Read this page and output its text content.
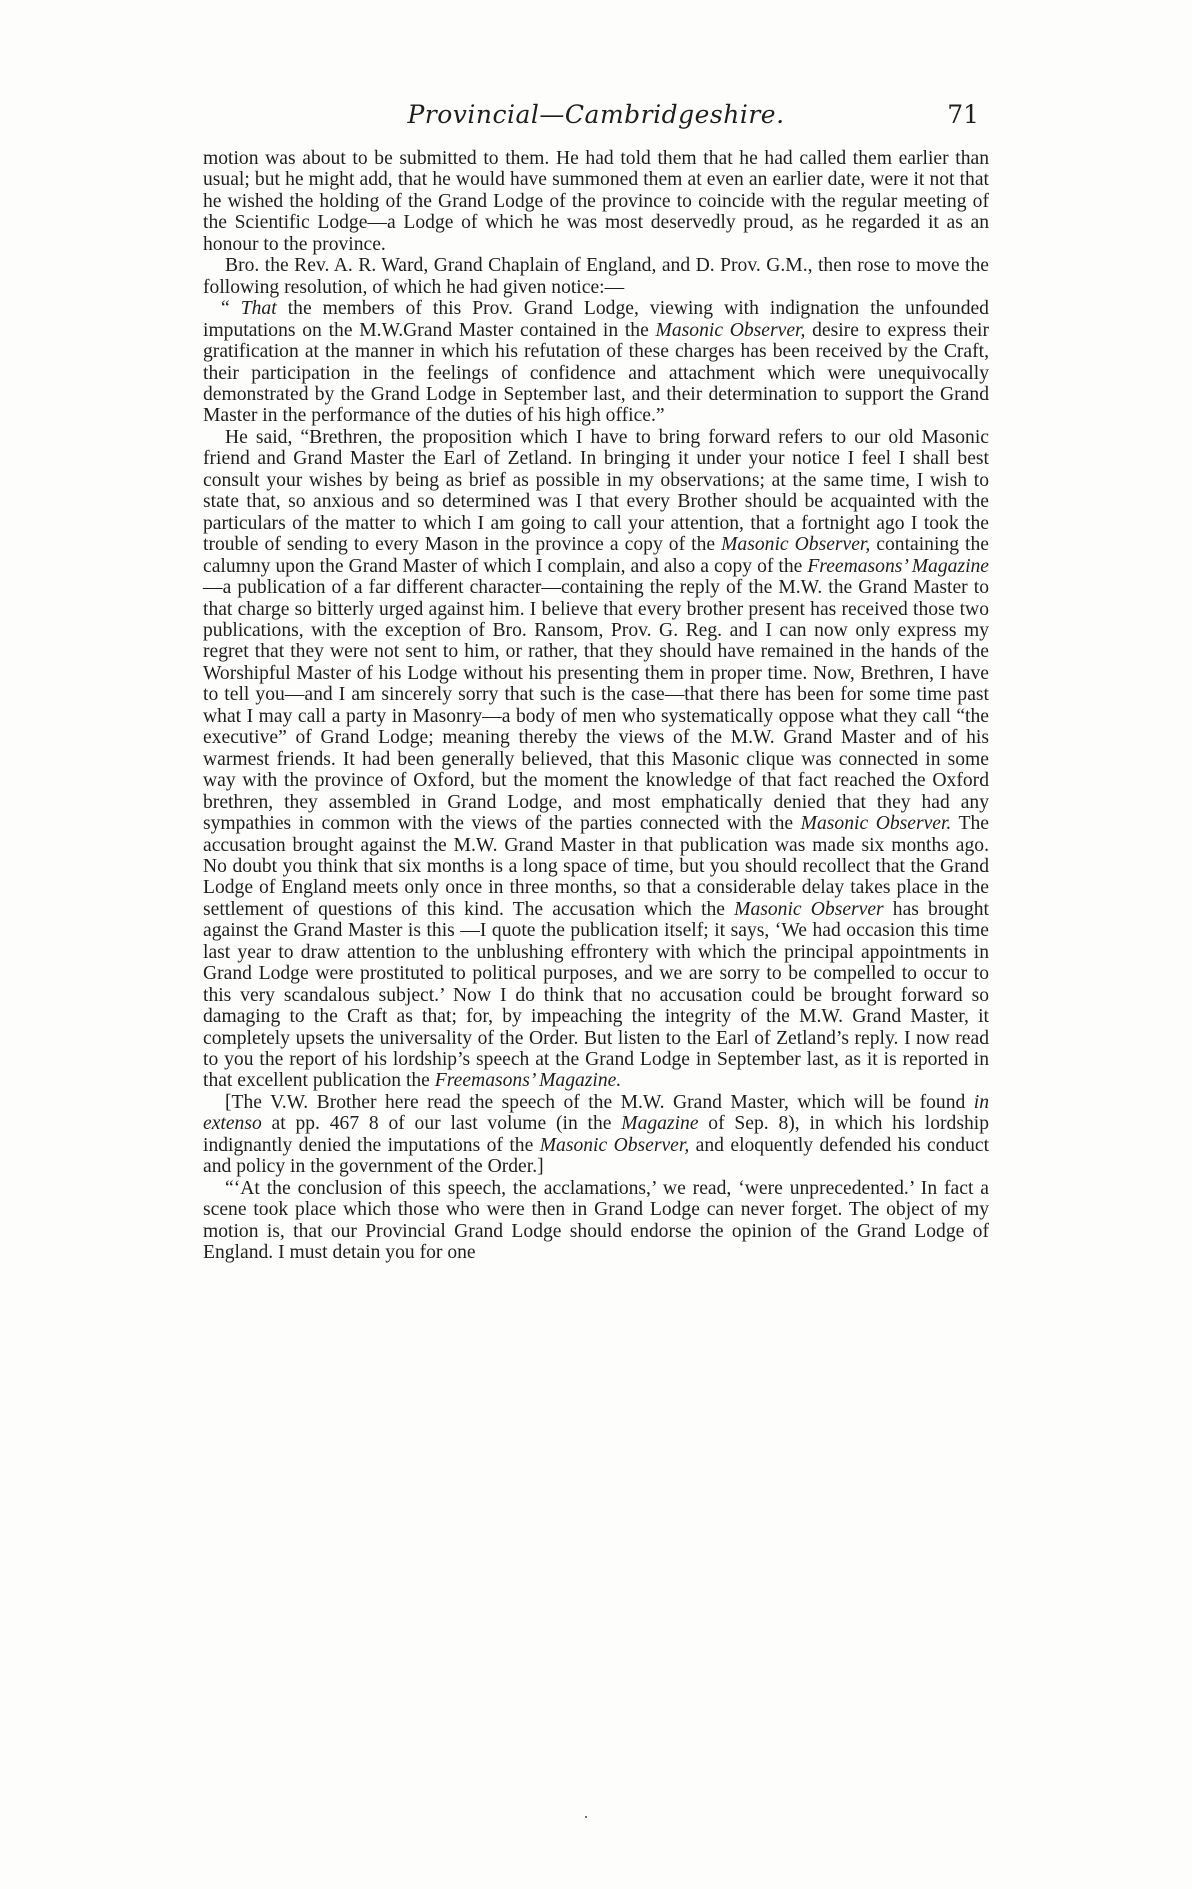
Provincial—Cambridgeshire.	71

motion was about to be submitted to them. He had told them that he had called them earlier than usual; but he might add, that he would have summoned them at even an earlier date, were it not that he wished the holding of the Grand Lodge of the province to coincide with the regular meeting of the Scientific Lodge—a Lodge of which he was most deservedly proud, as he regarded it as an honour to the province.

Bro. the Rev. A. R. Ward, Grand Chaplain of England, and D. Prov. G.M., then rose to move the following resolution, of which he had given notice:—

“ That the members of this Prov. Grand Lodge, viewing with indignation the unfounded imputations on the M.W.Grand Master contained in the Masonic Observer, desire to express their gratification at the manner in which his refutation of these charges has been received by the Craft, their participation in the feelings of confidence and attachment which were unequivocally demonstrated by the Grand Lodge in September last, and their determination to support the Grand Master in the performance of the duties of his high office.”

He said, “Brethren, the proposition which I have to bring forward refers to our old Masonic friend and Grand Master the Earl of Zetland. In bringing it under your notice I feel I shall best consult your wishes by being as brief as possible in my observations; at the same time, I wish to state that, so anxious and so determined was I that every Brother should be acquainted with the particulars of the matter to which I am going to call your attention, that a fortnight ago I took the trouble of sending to every Mason in the province a copy of the Masonic Observer, containing the calumny upon the Grand Master of which I complain, and also a copy of the Freemasons’ Magazine—a publication of a far different character—containing the reply of the M.W. the Grand Master to that charge so bitterly urged against him. I believe that every brother present has received those two publications, with the exception of Bro. Ransom, Prov. G. Reg. and I can now only express my regret that they were not sent to him, or rather, that they should have remained in the hands of the Worshipful Master of his Lodge without his presenting them in proper time. Now, Brethren, I have to tell you—and I am sincerely sorry that such is the case—that there has been for some time past what I may call a party in Masonry—a body of men who systematically oppose what they call “the executive” of Grand Lodge; meaning thereby the views of the M.W. Grand Master and of his warmest friends. It had been generally believed, that this Masonic clique was connected in some way with the province of Oxford, but the moment the knowledge of that fact reached the Oxford brethren, they assembled in Grand Lodge, and most emphatically denied that they had any sympathies in common with the views of the parties connected with the Masonic Observer. The accusation brought against the M.W. Grand Master in that publication was made six months ago. No doubt you think that six months is a long space of time, but you should recollect that the Grand Lodge of England meets only once in three months, so that a considerable delay takes place in the settlement of questions of this kind. The accusation which the Masonic Observer has brought against the Grand Master is this —I quote the publication itself; it says, ‘We had occasion this time last year to draw attention to the unblushing effrontery with which the principal appointments in Grand Lodge were prostituted to political purposes, and we are sorry to be compelled to occur to this very scandalous subject.’ Now I do think that no accusation could be brought forward so damaging to the Craft as that; for, by impeaching the integrity of the M.W. Grand Master, it completely upsets the universality of the Order. But listen to the Earl of Zetland’s reply. I now read to you the report of his lordship’s speech at the Grand Lodge in September last, as it is reported in that excellent publication the Freemasons’ Magazine.

[The V.W. Brother here read the speech of the M.W. Grand Master, which will be found in extenso at pp. 467 8 of our last volume (in the Magazine of Sep. 8), in which his lordship indignantly denied the imputations of the Masonic Observer, and eloquently defended his conduct and policy in the government of the Order.]

“‘At the conclusion of this speech, the acclamations,’ we read, ‘were unprecedented.’ In fact a scene took place which those who were then in Grand Lodge can never forget. The object of my motion is, that our Provincial Grand Lodge should endorse the opinion of the Grand Lodge of England. I must detain you for one
